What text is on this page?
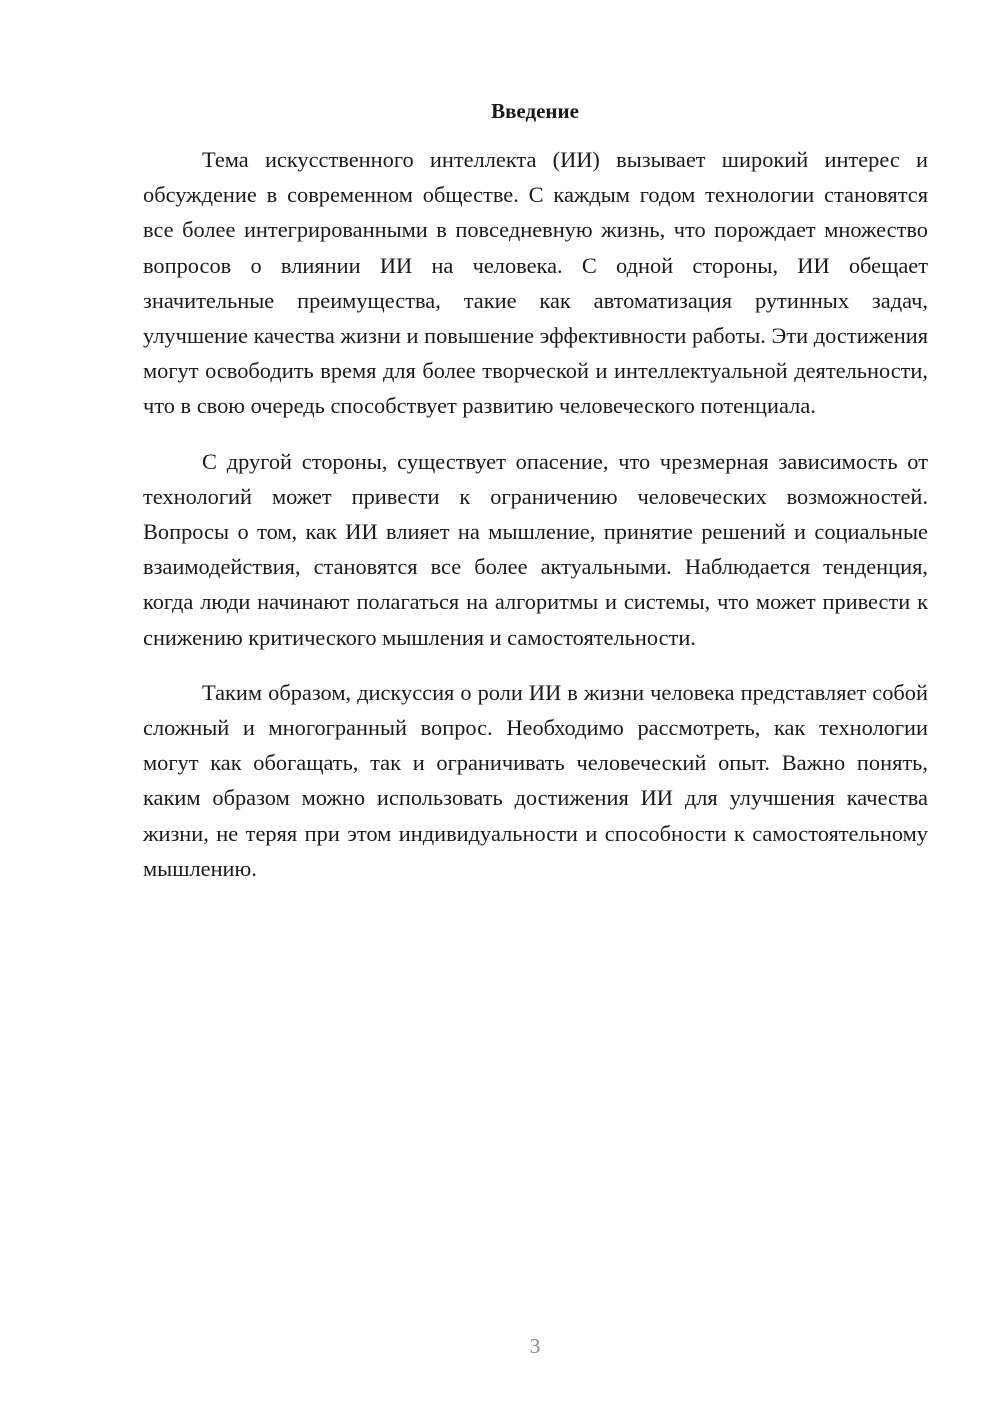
Введение

Тема искусственного интеллекта (ИИ) вызывает широкий интерес и обсуждение в современном обществе. С каждым годом технологии становятся все более интегрированными в повседневную жизнь, что порождает множество вопросов о влиянии ИИ на человека. С одной стороны, ИИ обещает значительные преимущества, такие как автоматизация рутинных задач, улучшение качества жизни и повышение эффективности работы. Эти достижения могут освободить время для более творческой и интеллектуальной деятельности, что в свою очередь способствует развитию человеческого потенциала.

С другой стороны, существует опасение, что чрезмерная зависимость от технологий может привести к ограничению человеческих возможностей. Вопросы о том, как ИИ влияет на мышление, принятие решений и социальные взаимодействия, становятся все более актуальными. Наблюдается тенденция, когда люди начинают полагаться на алгоритмы и системы, что может привести к снижению критического мышления и самостоятельности.

Таким образом, дискуссия о роли ИИ в жизни человека представляет собой сложный и многогранный вопрос. Необходимо рассмотреть, как технологии могут как обогащать, так и ограничивать человеческий опыт. Важно понять, каким образом можно использовать достижения ИИ для улучшения качества жизни, не теряя при этом индивидуальности и способности к самостоятельному мышлению.

3
